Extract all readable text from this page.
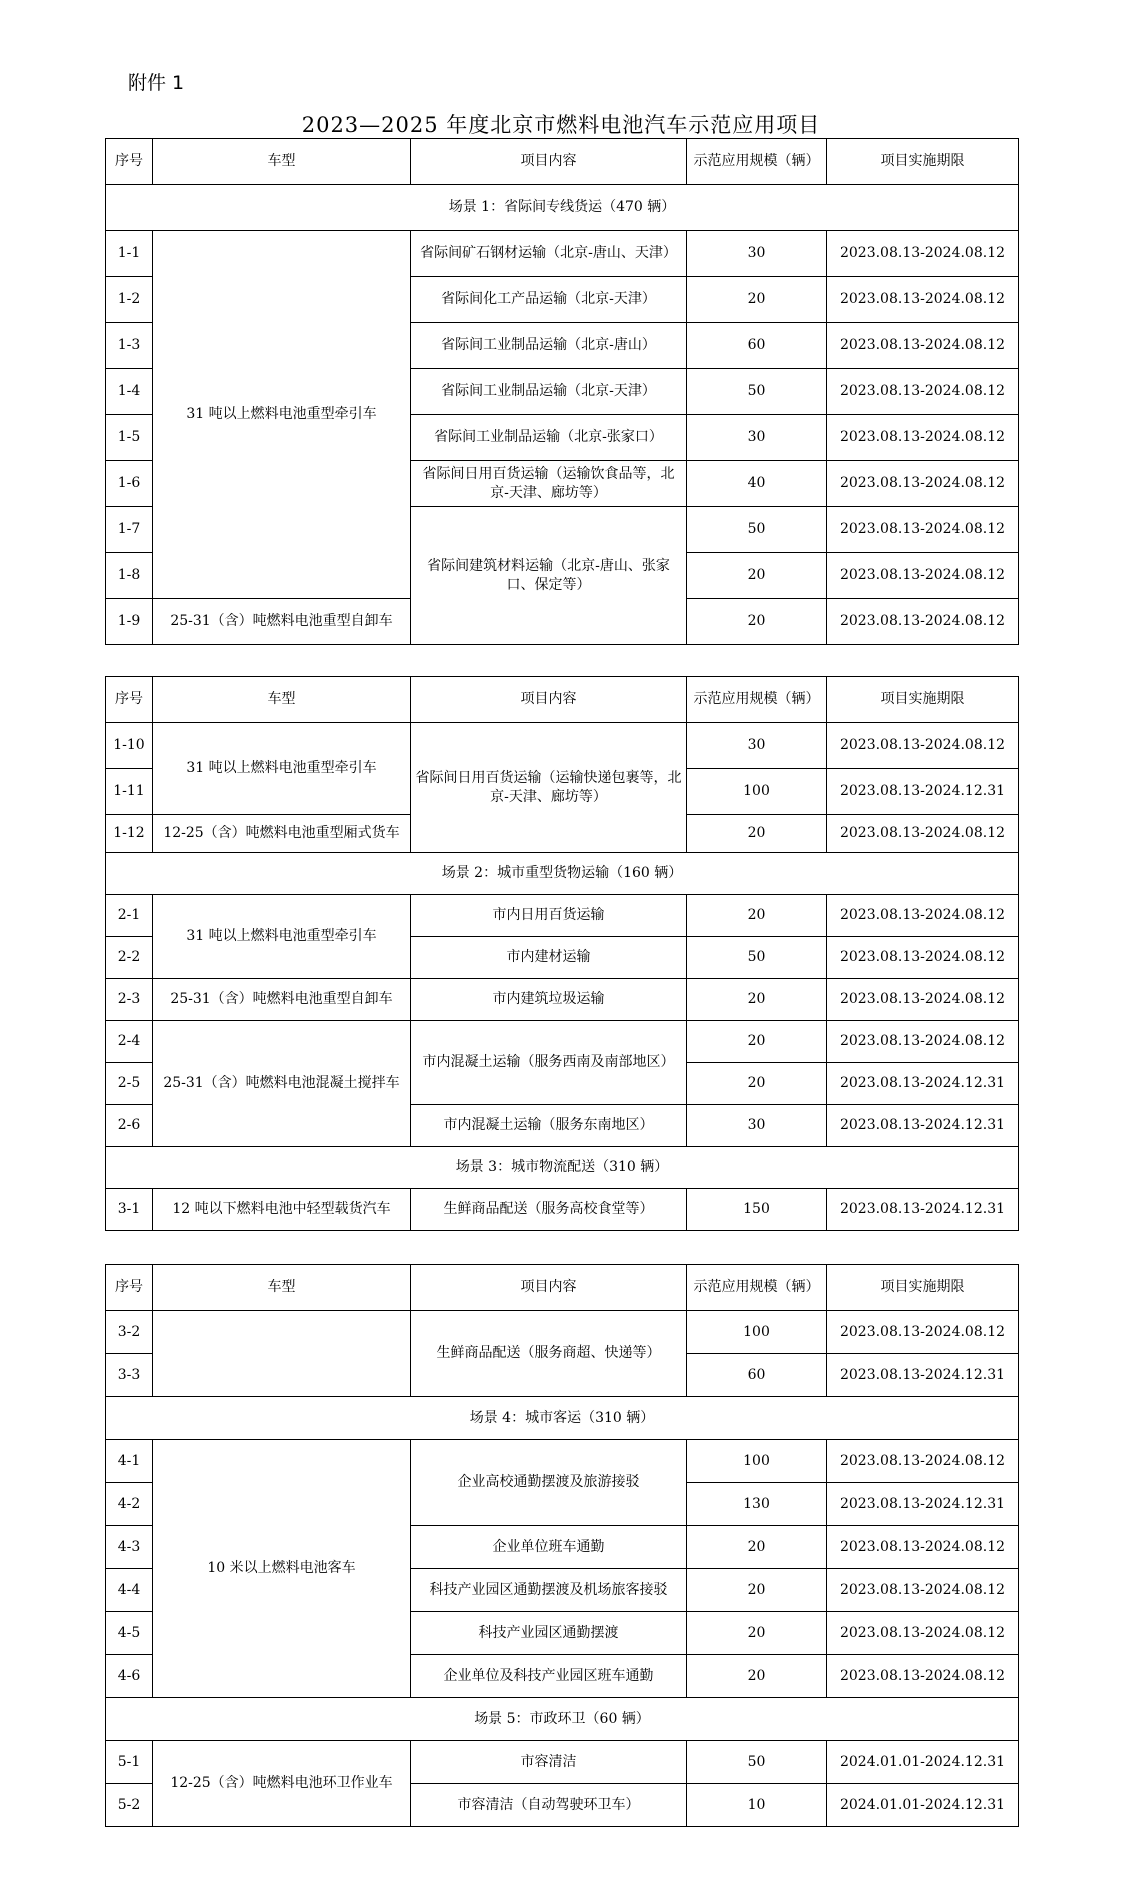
附件 1
2023—2025 年度北京市燃料电池汽车示范应用项目
序号	车型	项目内容	示范应用规模（辆）	项目实施期限
场景 1：省际间专线货运（470 辆）				
1-1	31 吨以上燃料电池重型牵引车	省际间矿石钢材运输（北京-唐山、天津）	30	2023.08.13-2024.08.12
1-2		省际间化工产品运输（北京-天津）	20	2023.08.13-2024.08.12
1-3		省际间工业制品运输（北京-唐山）	60	2023.08.13-2024.08.12
1-4		省际间工业制品运输（北京-天津）	50	2023.08.13-2024.08.12
1-5		省际间工业制品运输（北京-张家口）	30	2023.08.13-2024.08.12
1-6		省际间日用百货运输（运输饮食品等，北京-天津、廊坊等）	40	2023.08.13-2024.08.12
1-7		省际间建筑材料运输（北京-唐山、张家口、保定等）	50	2023.08.13-2024.08.12
1-8			20	2023.08.13-2024.08.12
1-9	25-31（含）吨燃料电池重型自卸车		20	2023.08.13-2024.08.12
序号	车型	项目内容	示范应用规模（辆）	项目实施期限
1-10	31 吨以上燃料电池重型牵引车	省际间日用百货运输（运输快递包裹等，北京-天津、廊坊等）	30	2023.08.13-2024.08.12
1-11			100	2023.08.13-2024.12.31
1-12	12-25（含）吨燃料电池重型厢式货车		20	2023.08.13-2024.08.12
场景 2：城市重型货物运输（160 辆）				
2-1	31 吨以上燃料电池重型牵引车	市内日用百货运输	20	2023.08.13-2024.08.12
2-2		市内建材运输	50	2023.08.13-2024.08.12
2-3	25-31（含）吨燃料电池重型自卸车	市内建筑垃圾运输	20	2023.08.13-2024.08.12
2-4	25-31（含）吨燃料电池混凝土搅拌车	市内混凝土运输（服务西南及南部地区）	20	2023.08.13-2024.08.12
2-5			20	2023.08.13-2024.12.31
2-6		市内混凝土运输（服务东南地区）	30	2023.08.13-2024.12.31
场景 3：城市物流配送（310 辆）				
3-1	12 吨以下燃料电池中轻型载货汽车	生鲜商品配送（服务高校食堂等）	150	2023.08.13-2024.12.31
序号	车型	项目内容	示范应用规模（辆）	项目实施期限
3-2		生鲜商品配送（服务商超、快递等）	100	2023.08.13-2024.08.12
3-3			60	2023.08.13-2024.12.31
场景 4：城市客运（310 辆）				
4-1	10 米以上燃料电池客车	企业高校通勤摆渡及旅游接驳	100	2023.08.13-2024.08.12
4-2			130	2023.08.13-2024.12.31
4-3		企业单位班车通勤	20	2023.08.13-2024.08.12
4-4		科技产业园区通勤摆渡及机场旅客接驳	20	2023.08.13-2024.08.12
4-5		科技产业园区通勤摆渡	20	2023.08.13-2024.08.12
4-6		企业单位及科技产业园区班车通勤	20	2023.08.13-2024.08.12
场景 5：市政环卫（60 辆）				
5-1	12-25（含）吨燃料电池环卫作业车	市容清洁	50	2024.01.01-2024.12.31
5-2		市容清洁（自动驾驶环卫车）	10	2024.01.01-2024.12.31
